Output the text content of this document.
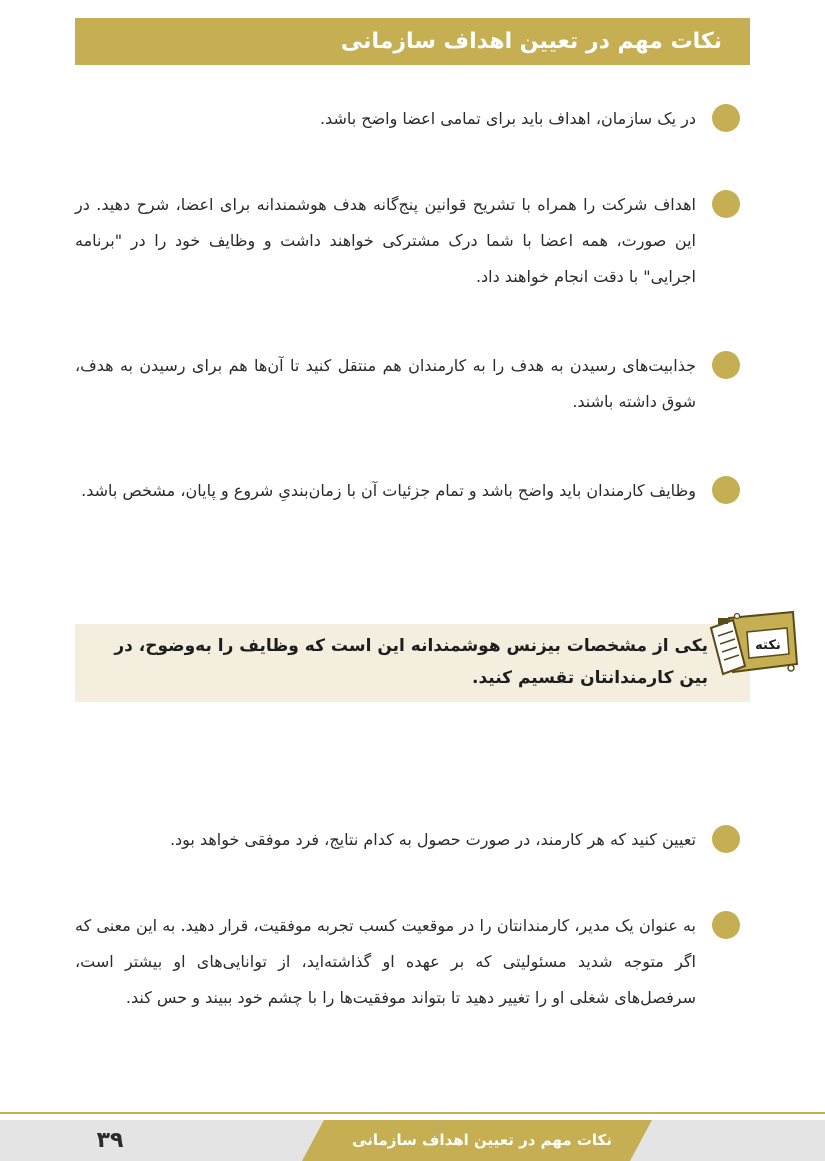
نکات مهم در تعیین اهداف سازمانی
در یک سازمان، اهداف باید برای تمامی اعضا واضح باشد.
اهداف شرکت را همراه با تشریح قوانین پنج‌گانه هدف هوشمندانه برای اعضا، شرح دهید. در این صورت، همه اعضا با شما درک مشترکی خواهند داشت و وظایف خود را در "برنامه اجرایی" با دقت انجام خواهند داد.
جذابیت‌های رسیدن به هدف را به کارمندان هم منتقل کنید تا آن‌ها هم برای رسیدن به هدف، شوق داشته باشند.
وظایف کارمندان باید واضح باشد و تمام جزئیات آن با زمان‌بندیِ شروع و پایان، مشخص باشد.
یکی از مشخصات بیزنس هوشمندانه این است که وظایف را به‌وضوح، در بین کارمندانتان تقسیم کنید.
نکته
تعیین کنید که هر کارمند، در صورت حصول به کدام نتایج، فرد موفقی خواهد بود.
به عنوان یک مدیر، کارمندانتان را در موقعیت کسب تجربه موفقیت، قرار دهید. به این معنی که اگر متوجه شدید مسئولیتی که بر عهده او گذاشته‌اید، از توانایی‌های او بیشتر است، سرفصل‌های شغلی او را تغییر دهید تا بتواند موفقیت‌ها را با چشم خود ببیند و حس کند.
نکات مهم در تعیین اهداف سازمانی
۳۹
